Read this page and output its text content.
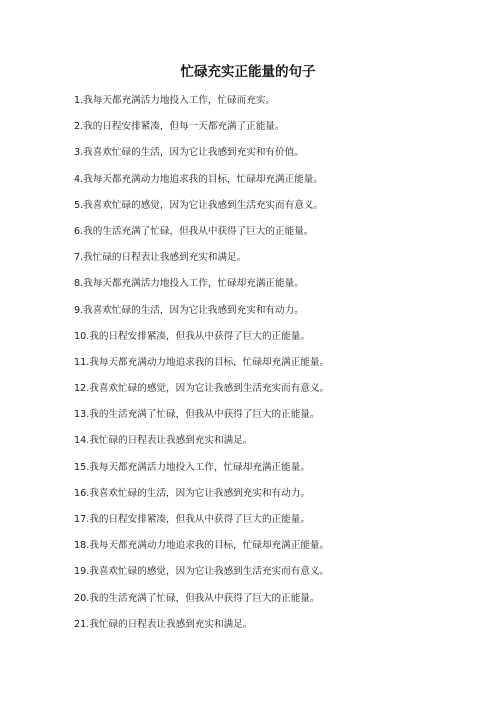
忙碌充实正能量的句子
1.我每天都充满活力地投入工作，忙碌而充实。
2.我的日程安排紧凑，但每一天都充满了正能量。
3.我喜欢忙碌的生活，因为它让我感到充实和有价值。
4.我每天都充满动力地追求我的目标，忙碌却充满正能量。
5.我喜欢忙碌的感觉，因为它让我感到生活充实而有意义。
6.我的生活充满了忙碌，但我从中获得了巨大的正能量。
7.我忙碌的日程表让我感到充实和满足。
8.我每天都充满活力地投入工作，忙碌却充满正能量。
9.我喜欢忙碌的生活，因为它让我感到充实和有动力。
10.我的日程安排紧凑，但我从中获得了巨大的正能量。
11.我每天都充满动力地追求我的目标，忙碌却充满正能量。
12.我喜欢忙碌的感觉，因为它让我感到生活充实而有意义。
13.我的生活充满了忙碌，但我从中获得了巨大的正能量。
14.我忙碌的日程表让我感到充实和满足。
15.我每天都充满活力地投入工作，忙碌却充满正能量。
16.我喜欢忙碌的生活，因为它让我感到充实和有动力。
17.我的日程安排紧凑，但我从中获得了巨大的正能量。
18.我每天都充满动力地追求我的目标，忙碌却充满正能量。
19.我喜欢忙碌的感觉，因为它让我感到生活充实而有意义。
20.我的生活充满了忙碌，但我从中获得了巨大的正能量。
21.我忙碌的日程表让我感到充实和满足。
